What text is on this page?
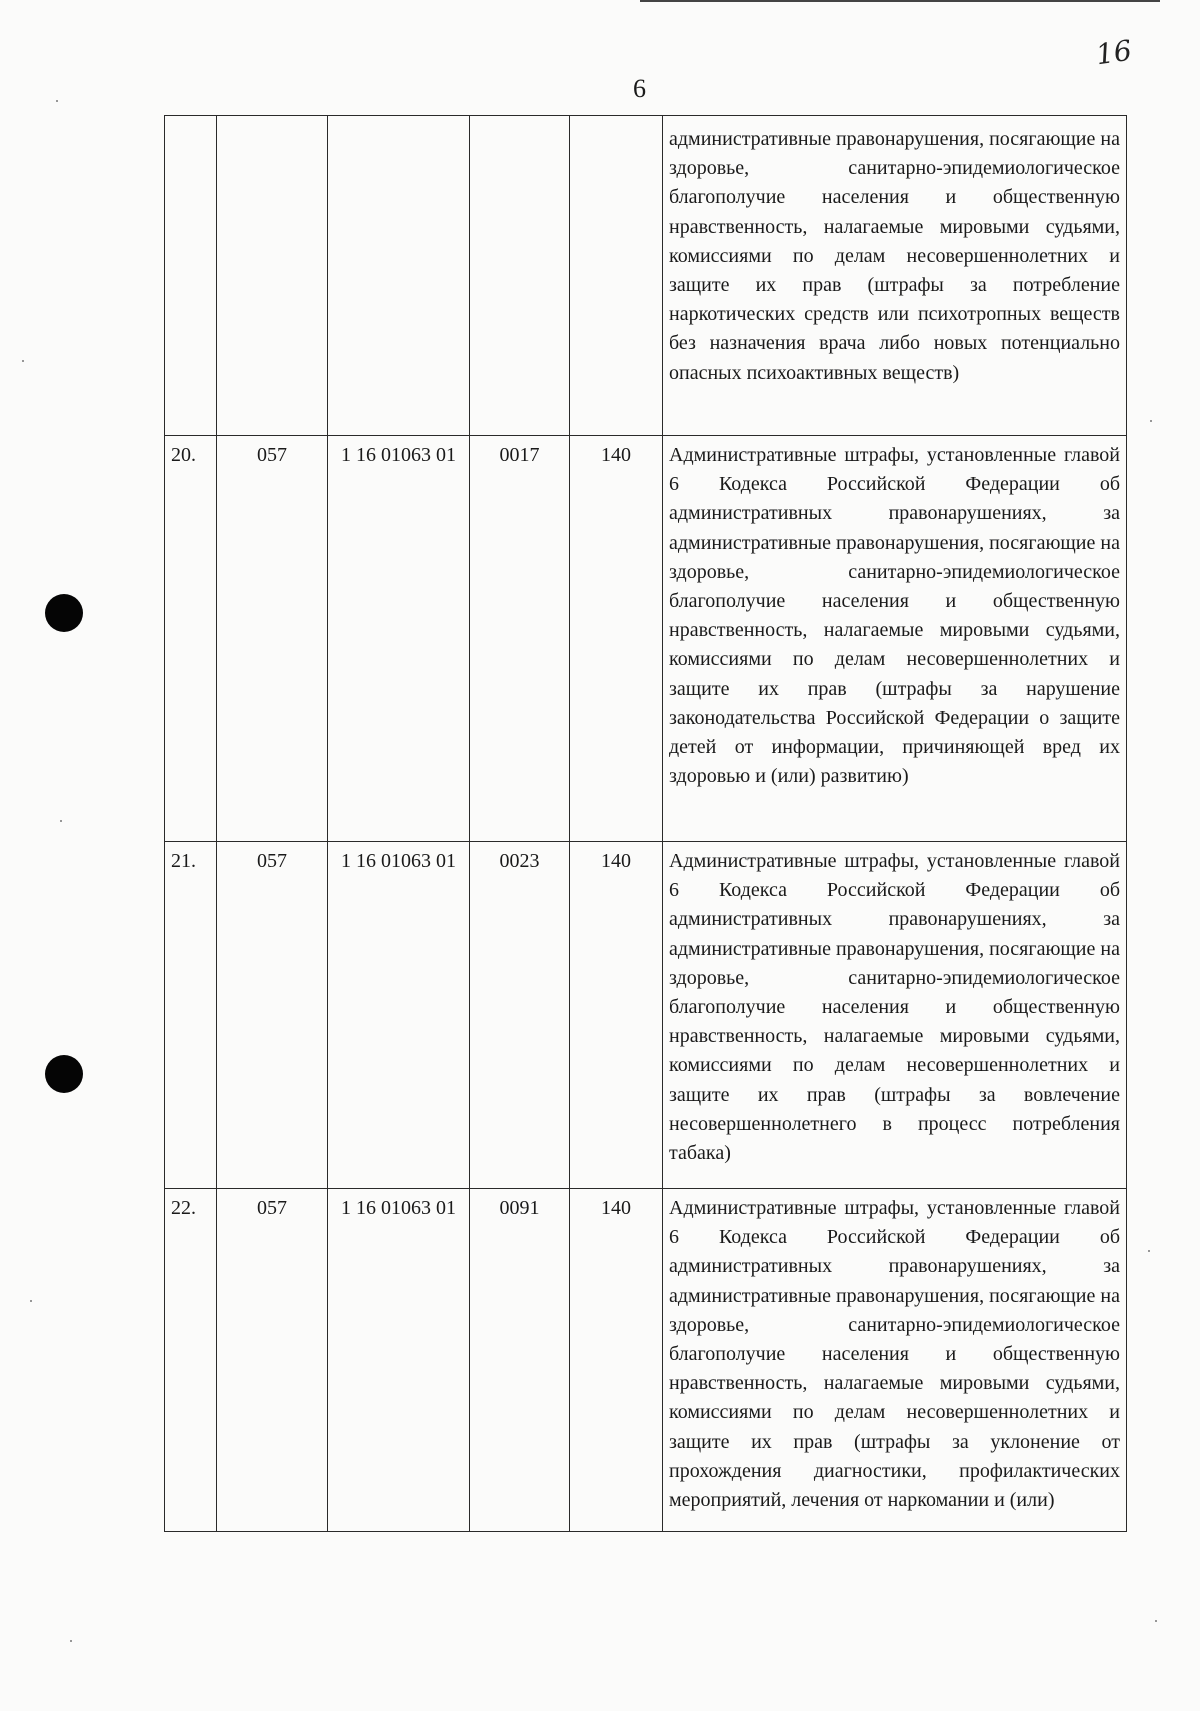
16
6
					административные правонарушения, посягающие на здоровье, санитарно-эпидемиологическое благополучие населения и общественную нравственность, налагаемые мировыми судьями, комиссиями по делам несовершеннолетних и защите их прав (штрафы за потребление наркотических средств или психотропных веществ без назначения врача либо новых потенциально опасных психоактивных веществ)
20.	057	1 16 01063 01	0017	140	Административные штрафы, установленные главой 6 Кодекса Российской Федерации об административных правонарушениях, за административные правонарушения, посягающие на здоровье, санитарно-эпидемиологическое благополучие населения и общественную нравственность, налагаемые мировыми судьями, комиссиями по делам несовершеннолетних и защите их прав (штрафы за нарушение законодательства Российской Федерации о защите детей от информации, причиняющей вред их здоровью и (или) развитию)
21.	057	1 16 01063 01	0023	140	Административные штрафы, установленные главой 6 Кодекса Российской Федерации об административных правонарушениях, за административные правонарушения, посягающие на здоровье, санитарно-эпидемиологическое благополучие населения и общественную нравственность, налагаемые мировыми судьями, комиссиями по делам несовершеннолетних и защите их прав (штрафы за вовлечение несовершеннолетнего в процесс потребления табака)
22.	057	1 16 01063 01	0091	140	Административные штрафы, установленные главой 6 Кодекса Российской Федерации об административных правонарушениях, за административные правонарушения, посягающие на здоровье, санитарно-эпидемиологическое благополучие населения и общественную нравственность, налагаемые мировыми судьями, комиссиями по делам несовершеннолетних и защите их прав (штрафы за уклонение от прохождения диагностики, профилактических мероприятий, лечения от наркомании и (или)
